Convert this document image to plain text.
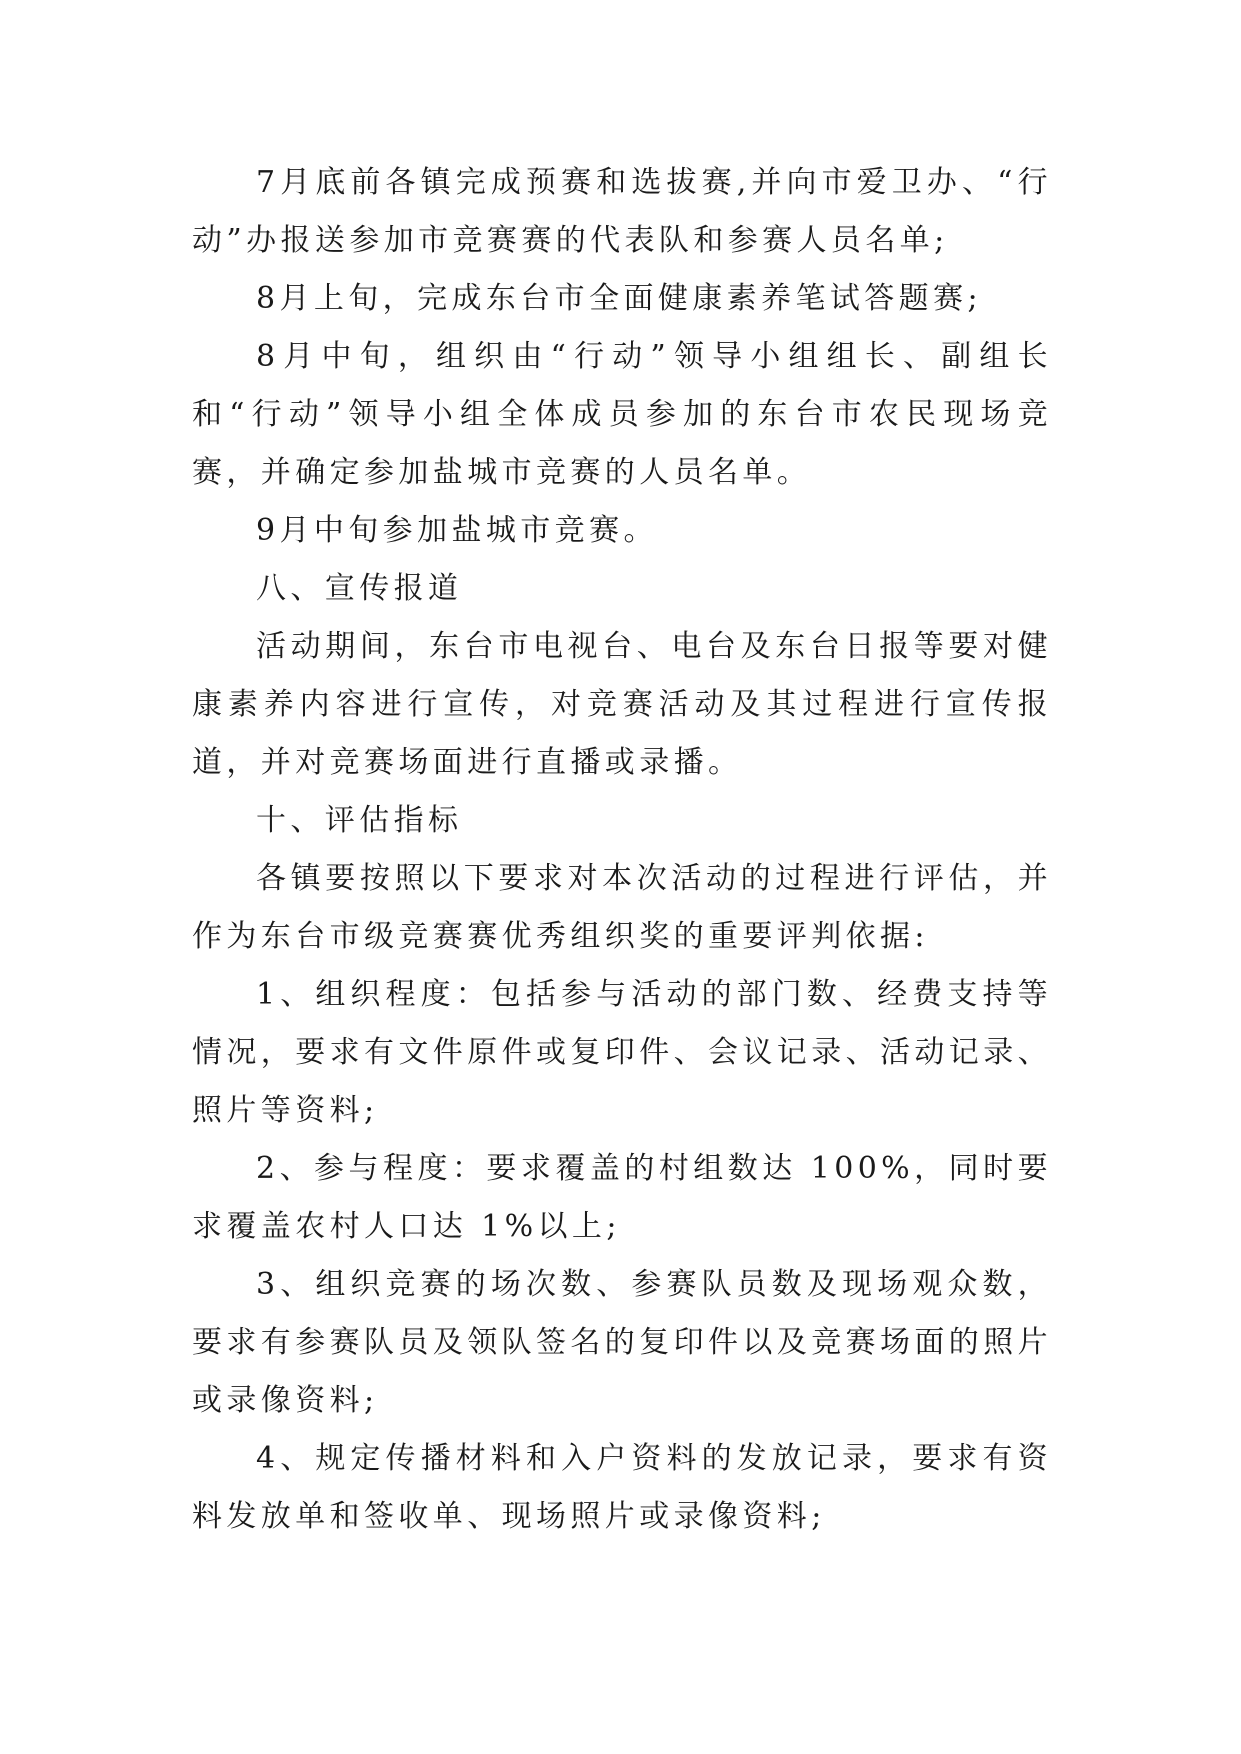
7月底前各镇完成预赛和选拔赛,并向市爱卫办、“行动”办报送参加市竞赛赛的代表队和参赛人员名单;

8月上旬，完成东台市全面健康素养笔试答题赛;

8月中旬，组织由“行动”领导小组组长、副组长和“行动”领导小组全体成员参加的东台市农民现场竞赛，并确定参加盐城市竞赛的人员名单。

9月中旬参加盐城市竞赛。

八、宣传报道

活动期间，东台市电视台、电台及东台日报等要对健康素养内容进行宣传，对竞赛活动及其过程进行宣传报道，并对竞赛场面进行直播或录播。

十、评估指标

各镇要按照以下要求对本次活动的过程进行评估，并作为东台市级竞赛赛优秀组织奖的重要评判依据:

1、组织程度：包括参与活动的部门数、经费支持等情况，要求有文件原件或复印件、会议记录、活动记录、照片等资料;

2、参与程度：要求覆盖的村组数达 100%，同时要求覆盖农村人口达 1%以上;

3、组织竞赛的场次数、参赛队员数及现场观众数，要求有参赛队员及领队签名的复印件以及竞赛场面的照片或录像资料;

4、规定传播材料和入户资料的发放记录，要求有资料发放单和签收单、现场照片或录像资料;
